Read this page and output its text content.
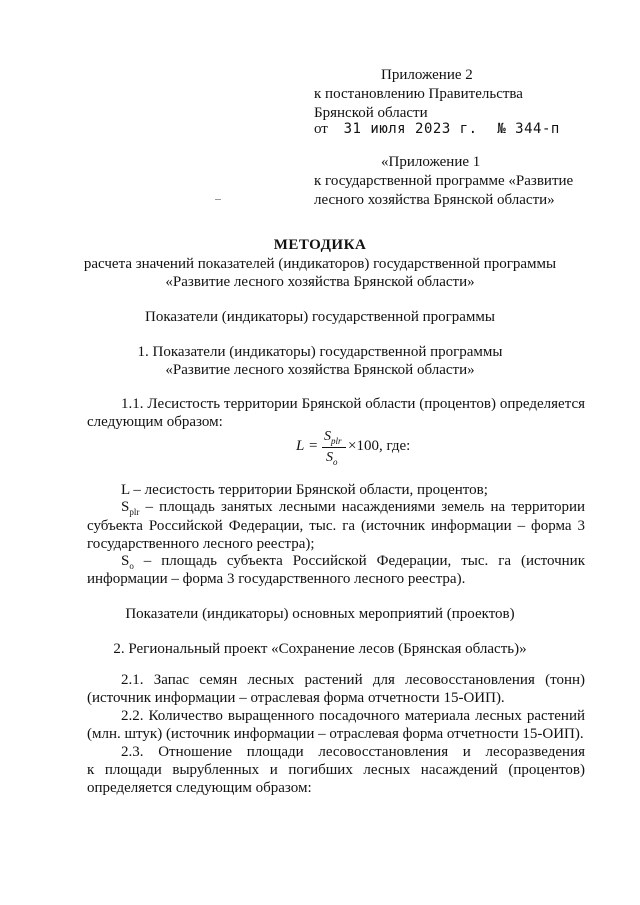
Приложение 2
к постановлению Правительства
Брянской области
от 31 июля 2023 г. № 344-п
«Приложение 1
к государственной программе «Развитие
лесного хозяйства Брянской области»
МЕТОДИКА
расчета значений показателей (индикаторов) государственной программы
«Развитие лесного хозяйства Брянской области»
Показатели (индикаторы) государственной программы
1. Показатели (индикаторы) государственной программы
«Развитие лесного хозяйства Брянской области»
1.1. Лесистость территории Брянской области (процентов) определяется
следующим образом:
L =
$S_{plr}$
$S_o$
×100, где:
L – лесистость территории Брянской области, процентов;
$S_{plr}$ – площадь занятых лесными насаждениями земель на территории
субъекта Российской Федерации, тыс. га (источник информации – форма 3
государственного лесного реестра);
$S_o$ – площадь субъекта Российской Федерации, тыс. га (источник
информации – форма 3 государственного лесного реестра).
Показатели (индикаторы) основных мероприятий (проектов)
2. Региональный проект «Сохранение лесов (Брянская область)»
2.1. Запас семян лесных растений для лесовосстановления (тонн)
(источник информации – отраслевая форма отчетности 15-ОИП).
2.2. Количество выращенного посадочного материала лесных растений
(млн. штук) (источник информации – отраслевая форма отчетности 15-ОИП).
2.3. Отношение площади лесовосстановления и лесоразведения
к площади вырубленных и погибших лесных насаждений (процентов)
определяется следующим образом:
